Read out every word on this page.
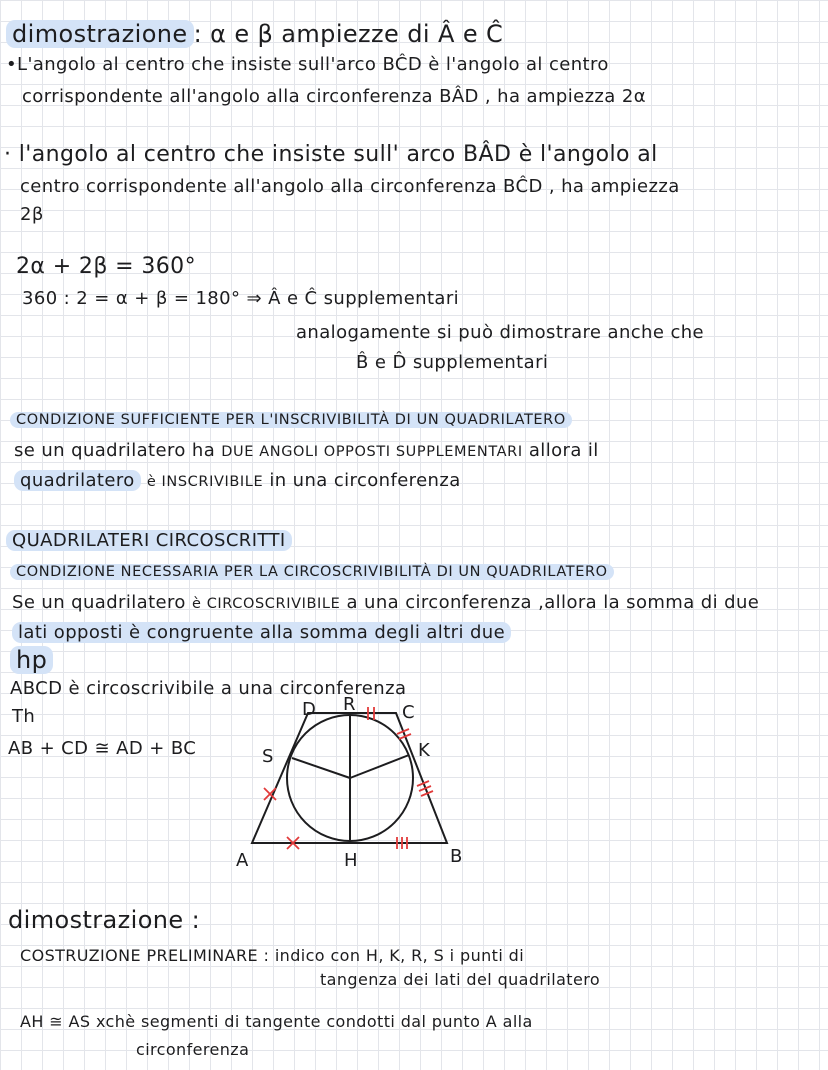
dimostrazione : α e β ampiezze di Â e Ĉ
•L'angolo al centro che insiste sull'arco BĈD è l'angolo al centro
corrispondente all'angolo alla circonferenza BÂD , ha ampiezza 2α
· l'angolo al centro che insiste sull' arco BÂD è l'angolo al
centro corrispondente all'angolo alla circonferenza BĈD , ha ampiezza
2β
2α + 2β = 360°
360 : 2 = α + β = 180° ⇒ Â e Ĉ supplementari
analogamente si può dimostrare anche che
B̂ e D̂ supplementari
CONDIZIONE SUFFICIENTE PER L'INSCRIVIBILITÀ DI UN QUADRILATERO
se un quadrilatero ha DUE ANGOLI OPPOSTI SUPPLEMENTARI allora il
quadrilatero è INSCRIVIBILE in una circonferenza
QUADRILATERI CIRCOSCRITTI
CONDIZIONE NECESSARIA PER LA CIRCOSCRIVIBILITÀ DI UN QUADRILATERO
Se un quadrilatero è CIRCOSCRIVIBILE a una circonferenza ,allora la somma di due
lati opposti è congruente alla somma degli altri due
hp
ABCD è circoscrivibile a una circonferenza
Th
AB + CD ≅ AD + BC
A	B
C
D
H
K
R
S
dimostrazione :
COSTRUZIONE PRELIMINARE : indico con H, K, R, S i punti di
tangenza dei lati del quadrilatero
AH ≅ AS xchè segmenti di tangente condotti dal punto A alla
circonferenza
